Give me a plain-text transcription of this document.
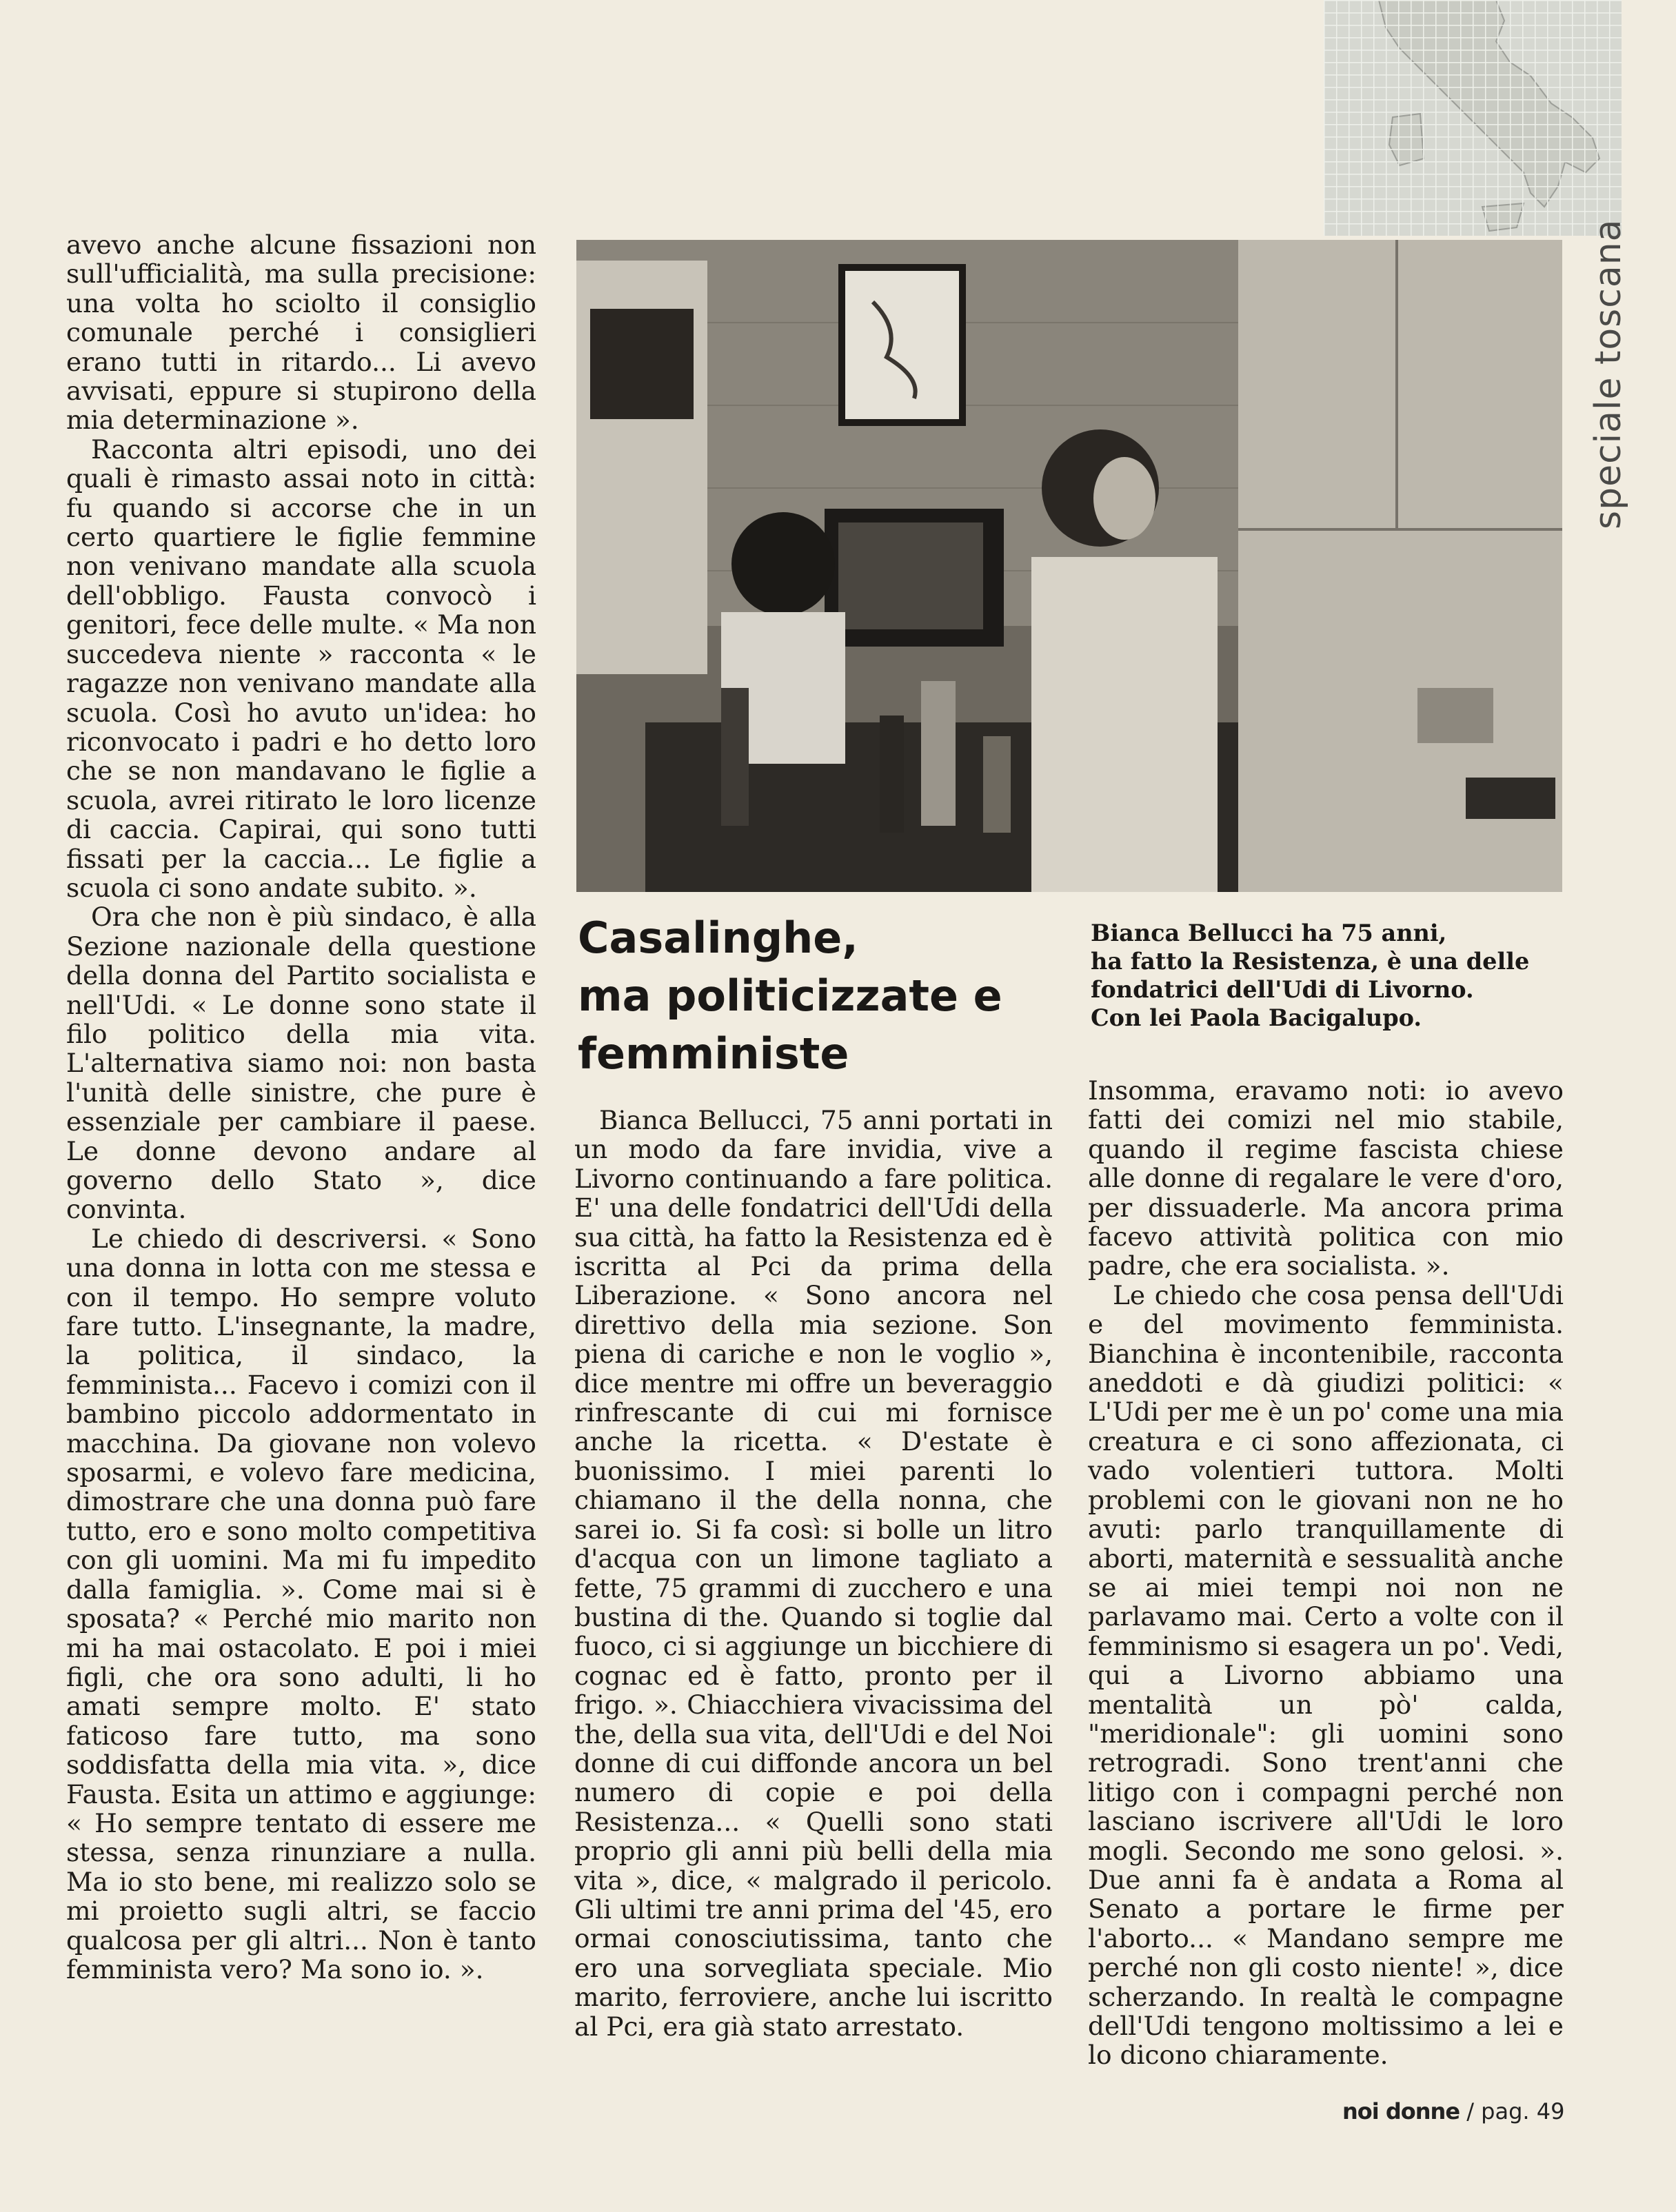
speciale toscana

avevo anche alcune fissazioni non sull'ufficialità, ma sulla precisione: una volta ho sciolto il consiglio comunale perché i consiglieri erano tutti in ritardo... Li avevo avvisati, eppure si stupirono della mia determinazione ».

Racconta altri episodi, uno dei quali è rimasto assai noto in città: fu quando si accorse che in un certo quartiere le figlie femmine non venivano mandate alla scuola dell'obbligo. Fausta convocò i genitori, fece delle multe. « Ma non succedeva niente » racconta « le ragazze non venivano mandate alla scuola. Così ho avuto un'idea: ho riconvocato i padri e ho detto loro che se non mandavano le figlie a scuola, avrei ritirato le loro licenze di caccia. Capirai, qui sono tutti fissati per la caccia... Le figlie a scuola ci sono andate subito. ».

Ora che non è più sindaco, è alla Sezione nazionale della questione della donna del Partito socialista e nell'Udi. « Le donne sono state il filo politico della mia vita. L'alternativa siamo noi: non basta l'unità delle sinistre, che pure è essenziale per cambiare il paese. Le donne devono andare al governo dello Stato », dice convinta.

Le chiedo di descriversi. « Sono una donna in lotta con me stessa e con il tempo. Ho sempre voluto fare tutto. L'insegnante, la madre, la politica, il sindaco, la femminista... Facevo i comizi con il bambino piccolo addormentato in macchina. Da giovane non volevo sposarmi, e volevo fare medicina, dimostrare che una donna può fare tutto, ero e sono molto competitiva con gli uomini. Ma mi fu impedito dalla famiglia. ». Come mai si è sposata? « Perché mio marito non mi ha mai ostacolato. E poi i miei figli, che ora sono adulti, li ho amati sempre molto. E' stato faticoso fare tutto, ma sono soddisfatta della mia vita. », dice Fausta. Esita un attimo e aggiunge: « Ho sempre tentato di essere me stessa, senza rinunziare a nulla. Ma io sto bene, mi realizzo solo se mi proietto sugli altri, se faccio qualcosa per gli altri... Non è tanto femminista vero? Ma sono io. ».

Casalinghe,
ma politicizzate e
femministe
Bianca Bellucci ha 75 anni,
ha fatto la Resistenza, è una delle
fondatrici dell'Udi di Livorno.
Con lei Paola Bacigalupo.

Bianca Bellucci, 75 anni portati in un modo da fare invidia, vive a Livorno continuando a fare politica. E' una delle fondatrici dell'Udi della sua città, ha fatto la Resistenza ed è iscritta al Pci da prima della Liberazione. « Sono ancora nel direttivo della mia sezione. Son piena di cariche e non le voglio », dice mentre mi offre un beveraggio rinfrescante di cui mi fornisce anche la ricetta. « D'estate è buonissimo. I miei parenti lo chiamano il the della nonna, che sarei io. Si fa così: si bolle un litro d'acqua con un limone tagliato a fette, 75 grammi di zucchero e una bustina di the. Quando si toglie dal fuoco, ci si aggiunge un bicchiere di cognac ed è fatto, pronto per il frigo. ». Chiacchiera vivacissima del the, della sua vita, dell'Udi e del Noi donne di cui diffonde ancora un bel numero di copie e poi della Resistenza... « Quelli sono stati proprio gli anni più belli della mia vita », dice, « malgrado il pericolo. Gli ultimi tre anni prima del '45, ero ormai conosciutissima, tanto che ero una sorvegliata speciale. Mio marito, ferroviere, anche lui iscritto al Pci, era già stato arrestato.

Insomma, eravamo noti: io avevo fatti dei comizi nel mio stabile, quando il regime fascista chiese alle donne di regalare le vere d'oro, per dissuaderle. Ma ancora prima facevo attività politica con mio padre, che era socialista. ».

Le chiedo che cosa pensa dell'Udi e del movimento femminista. Bianchina è incontenibile, racconta aneddoti e dà giudizi politici: « L'Udi per me è un po' come una mia creatura e ci sono affezionata, ci vado volentieri tuttora. Molti problemi con le giovani non ne ho avuti: parlo tranquillamente di aborti, maternità e sessualità anche se ai miei tempi noi non ne parlavamo mai. Certo a volte con il femminismo si esagera un po'. Vedi, qui a Livorno abbiamo una mentalità un pò' calda, "meridionale": gli uomini sono retrogradi. Sono trent'anni che litigo con i compagni perché non lasciano iscrivere all'Udi le loro mogli. Secondo me sono gelosi. ». Due anni fa è andata a Roma al Senato a portare le firme per l'aborto... « Mandano sempre me perché non gli costo niente! », dice scherzando. In realtà le compagne dell'Udi tengono moltissimo a lei e lo dicono chiaramente.

noi donne / pag. 49
